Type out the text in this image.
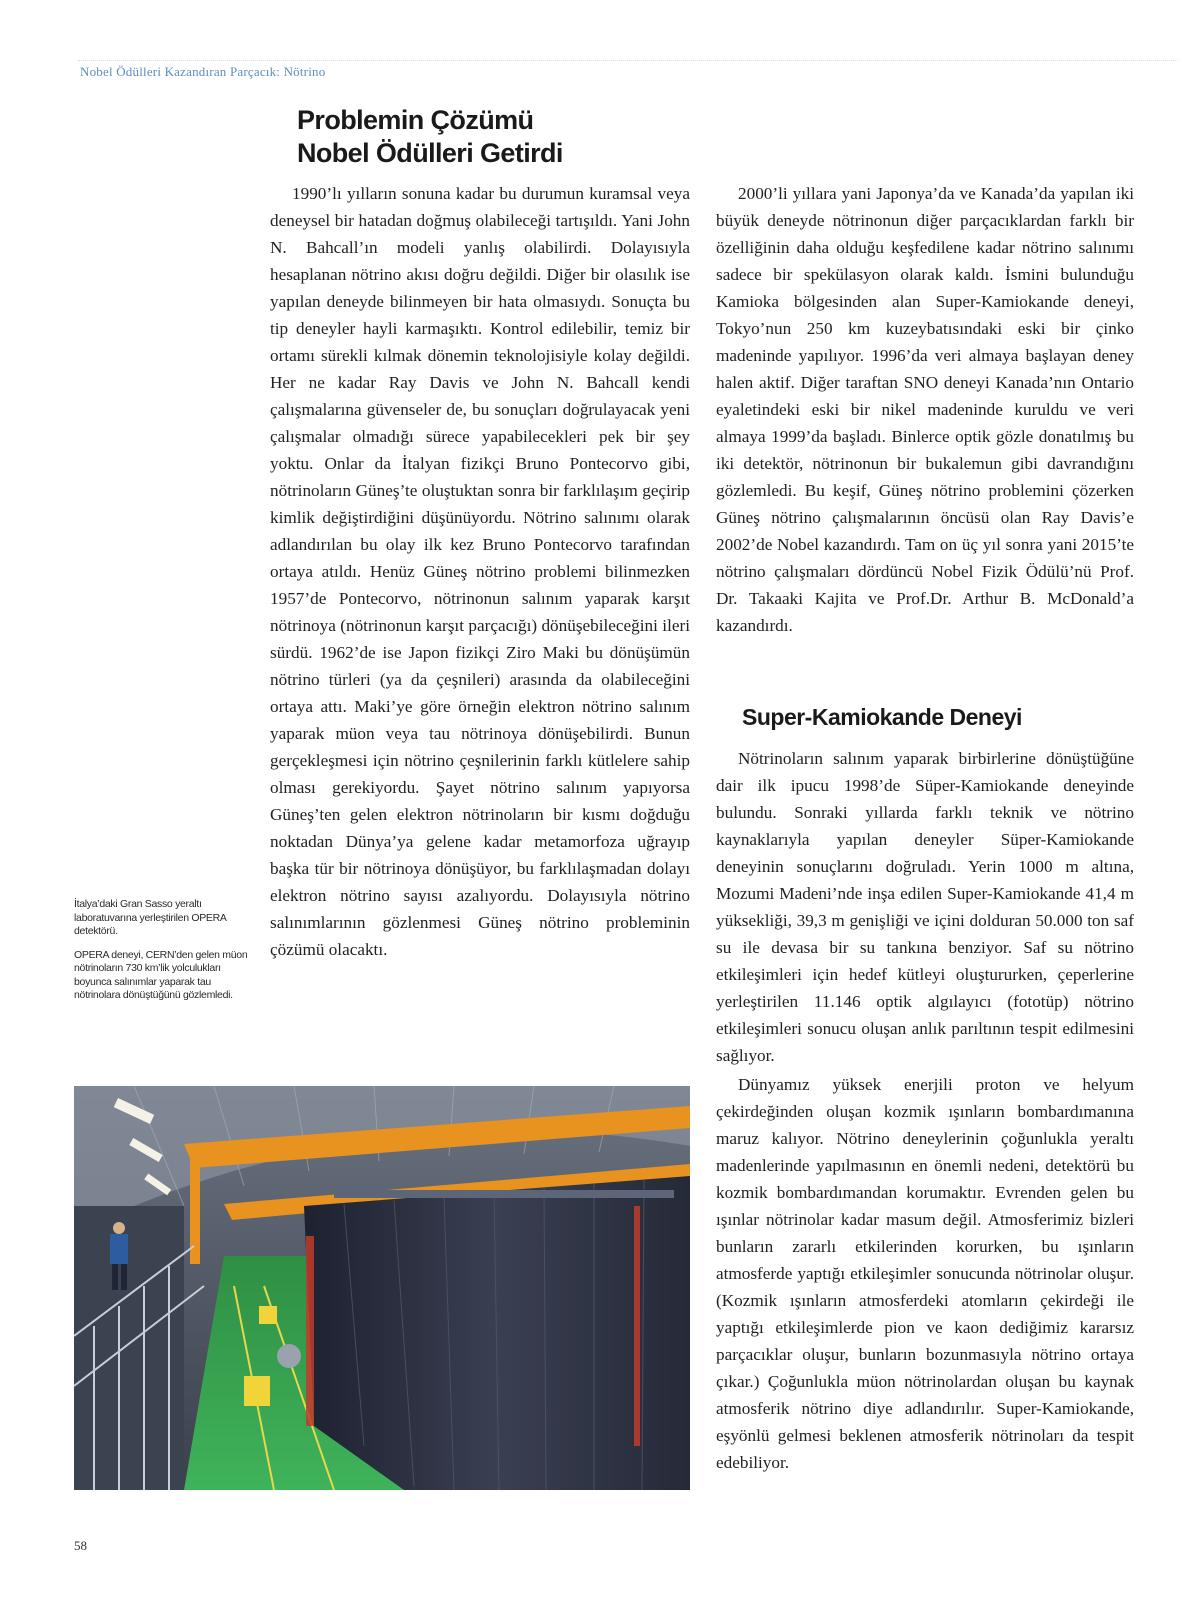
Nobel Ödülleri Kazandıran Parçacık: Nötrino
Problemin Çözümü
Nobel Ödülleri Getirdi

1990’lı yılların sonuna kadar bu durumun kuramsal veya deneysel bir hatadan doğmuş olabileceği tartışıldı. Yani John N. Bahcall’ın modeli yanlış olabilirdi. Dolayısıyla hesaplanan nötrino akısı doğru değildi. Diğer bir olasılık ise yapılan deneyde bilinmeyen bir hata olmasıydı. Sonuçta bu tip deneyler hayli karmaşıktı. Kontrol edilebilir, temiz bir ortamı sürekli kılmak dönemin teknolojisiyle kolay değildi. Her ne kadar Ray Davis ve John N. Bahcall kendi çalışmalarına güvenseler de, bu sonuçları doğrulayacak yeni çalışmalar olmadığı sürece yapabilecekleri pek bir şey yoktu. Onlar da İtalyan fizikçi Bruno Pontecorvo gibi, nötrinoların Güneş’te oluştuktan sonra bir farklılaşım geçirip kimlik değiştirdiğini düşünüyordu. Nötrino salınımı olarak adlandırılan bu olay ilk kez Bruno Pontecorvo tarafından ortaya atıldı. Henüz Güneş nötrino problemi bilinmezken 1957’de Pontecorvo, nötrinonun salınım yaparak karşıt nötrinoya (nötrinonun karşıt parçacığı) dönüşebileceğini ileri sürdü. 1962’de ise Japon fizikçi Ziro Maki bu dönüşümün nötrino türleri (ya da çeşnileri) arasında da olabileceğini ortaya attı. Maki’ye göre örneğin elektron nötrino salınım yaparak müon veya tau nötrinoya dönüşebilirdi. Bunun gerçekleşmesi için nötrino çeşnilerinin farklı kütlelere sahip olması gerekiyordu. Şayet nötrino salınım yapıyorsa Güneş’ten gelen elektron nötrinoların bir kısmı doğduğu noktadan Dünya’ya gelene kadar metamorfoza uğrayıp başka tür bir nötrinoya dönüşüyor, bu farklılaşmadan dolayı elektron nötrino sayısı azalıyordu. Dolayısıyla nötrino salınımlarının gözlenmesi Güneş nötrino probleminin çözümü olacaktı.

2000’li yıllara yani Japonya’da ve Kanada’da yapılan iki büyük deneyde nötrinonun diğer parçacıklardan farklı bir özelliğinin daha olduğu keşfedilene kadar nötrino salınımı sadece bir spekülasyon olarak kaldı. İsmini bulunduğu Kamioka bölgesinden alan Super-Kamiokande deneyi, Tokyo’nun 250 km kuzeybatısındaki eski bir çinko madeninde yapılıyor. 1996’da veri almaya başlayan deney halen aktif. Diğer taraftan SNO deneyi Kanada’nın Ontario eyaletindeki eski bir nikel madeninde kuruldu ve veri almaya 1999’da başladı. Binlerce optik gözle donatılmış bu iki detektör, nötrinonun bir bukalemun gibi davrandığını gözlemledi. Bu keşif, Güneş nötrino problemini çözerken Güneş nötrino çalışmalarının öncüsü olan Ray Davis’e 2002’de Nobel kazandırdı. Tam on üç yıl sonra yani 2015’te nötrino çalışmaları dördüncü Nobel Fizik Ödülü’nü Prof. Dr. Takaaki Kajita ve Prof.Dr. Arthur B. McDonald’a kazandırdı.

Super-Kamiokande Deneyi

Nötrinoların salınım yaparak birbirlerine dönüştüğüne dair ilk ipucu 1998’de Süper-Kamiokande deneyinde bulundu. Sonraki yıllarda farklı teknik ve nötrino kaynaklarıyla yapılan deneyler Süper-Kamiokande deneyinin sonuçlarını doğruladı. Yerin 1000 m altına, Mozumi Madeni’nde inşa edilen Super-Kamiokande 41,4 m yüksekliği, 39,3 m genişliği ve içini dolduran 50.000 ton saf su ile devasa bir su tankına benziyor. Saf su nötrino etkileşimleri için hedef kütleyi oluştururken, çeperlerine yerleştirilen 11.146 optik algılayıcı (fototüp) nötrino etkileşimleri sonucu oluşan anlık parıltının tespit edilmesini sağlıyor.

Dünyamız yüksek enerjili proton ve helyum çekirdeğinden oluşan kozmik ışınların bombardımanına maruz kalıyor. Nötrino deneylerinin çoğunlukla yeraltı madenlerinde yapılmasının en önemli nedeni, detektörü bu kozmik bombardımandan korumaktır. Evrenden gelen bu ışınlar nötrinolar kadar masum değil. Atmosferimiz bizleri bunların zararlı etkilerinden korurken, bu ışınların atmosferde yaptığı etkileşimler sonucunda nötrinolar oluşur. (Kozmik ışınların atmosferdeki atomların çekirdeği ile yaptığı etkileşimlerde pion ve kaon dediğimiz kararsız parçacıklar oluşur, bunların bozunmasıyla nötrino ortaya çıkar.) Çoğunlukla müon nötrinolardan oluşan bu kaynak atmosferik nötrino diye adlandırılır. Super-Kamiokande, eşyönlü gelmesi beklenen atmosferik nötrinoları da tespit edebiliyor.

İtalya’daki Gran Sasso yeraltı laboratuvarına yerleştirilen OPERA detektörü.

OPERA deneyi, CERN’den gelen müon nötrinoların 730 km’lik yolculukları boyunca salınımlar yaparak tau nötrinolara dönüştüğünü gözlemledi.

58
